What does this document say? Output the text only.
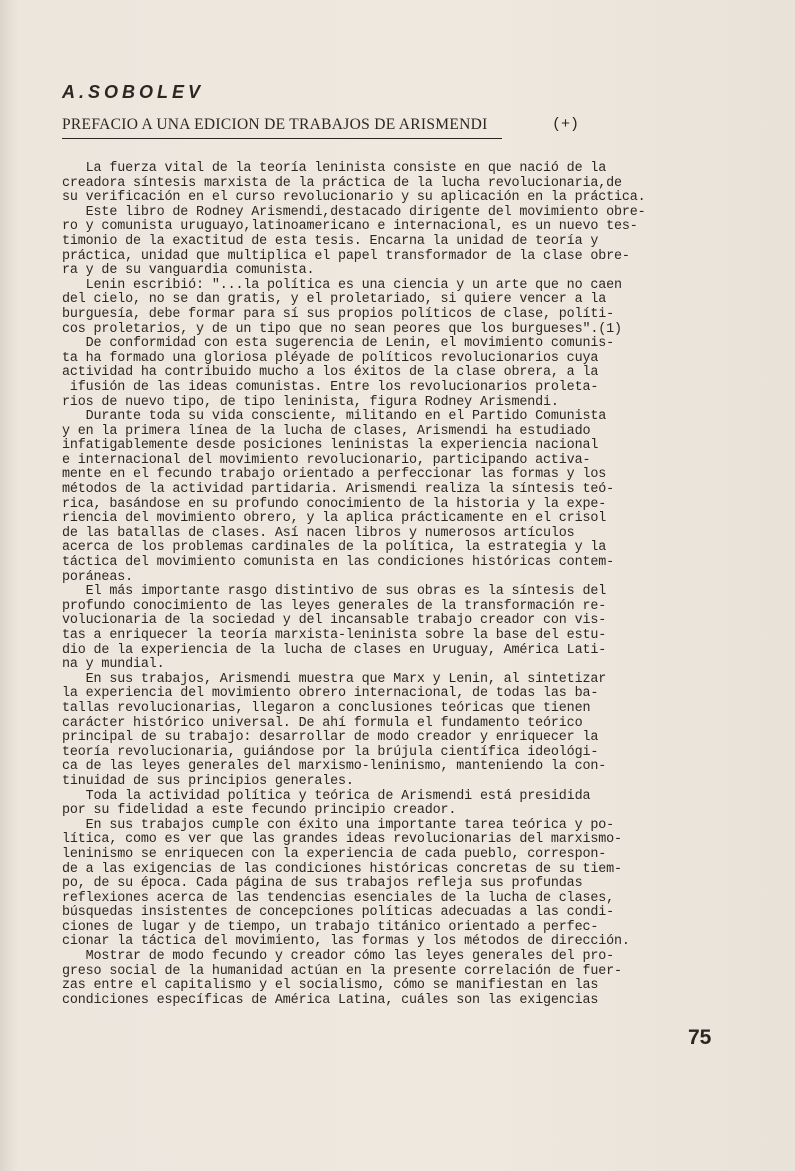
A.SOBOLEV
PREFACIO A UNA EDICION DE TRABAJOS DE ARISMENDI	(+)
La fuerza vital de la teoría leninista consiste en que nació de la
creadora síntesis marxista de la práctica de la lucha revolucionaria,de
su verificación en el curso revolucionario y su aplicación en la práctica.
Este libro de Rodney Arismendi,destacado dirigente del movimiento obre-
ro y comunista uruguayo,latinoamericano e internacional, es un nuevo tes-
timonio de la exactitud de esta tesis. Encarna la unidad de teoría y
práctica, unidad que multiplica el papel transformador de la clase obre-
ra y de su vanguardia comunista.
Lenin escribió: "...la política es una ciencia y un arte que no caen
del cielo, no se dan gratis, y el proletariado, si quiere vencer a la
burguesía, debe formar para sí sus propios políticos de clase, políti-
cos proletarios, y de un tipo que no sean peores que los burgueses".(1)
De conformidad con esta sugerencia de Lenin, el movimiento comunis-
ta ha formado una gloriosa pléyade de políticos revolucionarios cuya
actividad ha contribuido mucho a los éxitos de la clase obrera, a la
ifusión de las ideas comunistas. Entre los revolucionarios proleta-
rios de nuevo tipo, de tipo leninista, figura Rodney Arismendi.
Durante toda su vida consciente, militando en el Partido Comunista
y en la primera línea de la lucha de clases, Arismendi ha estudiado
infatigablemente desde posiciones leninistas la experiencia nacional
e internacional del movimiento revolucionario, participando activa-
mente en el fecundo trabajo orientado a perfeccionar las formas y los
métodos de la actividad partidaria. Arismendi realiza la síntesis teó-
rica, basándose en su profundo conocimiento de la historia y la expe-
riencia del movimiento obrero, y la aplica prácticamente en el crisol
de las batallas de clases. Así nacen libros y numerosos artículos
acerca de los problemas cardinales de la política, la estrategia y la
táctica del movimiento comunista en las condiciones históricas contem-
poráneas.
El más importante rasgo distintivo de sus obras es la síntesis del
profundo conocimiento de las leyes generales de la transformación re-
volucionaria de la sociedad y del incansable trabajo creador con vis-
tas a enriquecer la teoría marxista-leninista sobre la base del estu-
dio de la experiencia de la lucha de clases en Uruguay, América Lati-
na y mundial.
En sus trabajos, Arismendi muestra que Marx y Lenin, al sintetizar
la experiencia del movimiento obrero internacional, de todas las ba-
tallas revolucionarias, llegaron a conclusiones teóricas que tienen
carácter histórico universal. De ahí formula el fundamento teórico
principal de su trabajo: desarrollar de modo creador y enriquecer la
teoría revolucionaria, guiándose por la brújula científica ideológi-
ca de las leyes generales del marxismo-leninismo, manteniendo la con-
tinuidad de sus principios generales.
Toda la actividad política y teórica de Arismendi está presidida
por su fidelidad a este fecundo principio creador.
En sus trabajos cumple con éxito una importante tarea teórica y po-
lítica, como es ver que las grandes ideas revolucionarias del marxismo-
leninismo se enriquecen con la experiencia de cada pueblo, correspon-
de a las exigencias de las condiciones históricas concretas de su tiem-
po, de su época. Cada página de sus trabajos refleja sus profundas
reflexiones acerca de las tendencias esenciales de la lucha de clases,
búsquedas insistentes de concepciones políticas adecuadas a las condi-
ciones de lugar y de tiempo, un trabajo titánico orientado a perfec-
cionar la táctica del movimiento, las formas y los métodos de dirección.
Mostrar de modo fecundo y creador cómo las leyes generales del pro-
greso social de la humanidad actúan en la presente correlación de fuer-
zas entre el capitalismo y el socialismo, cómo se manifiestan en las
condiciones específicas de América Latina, cuáles son las exigencias
75
